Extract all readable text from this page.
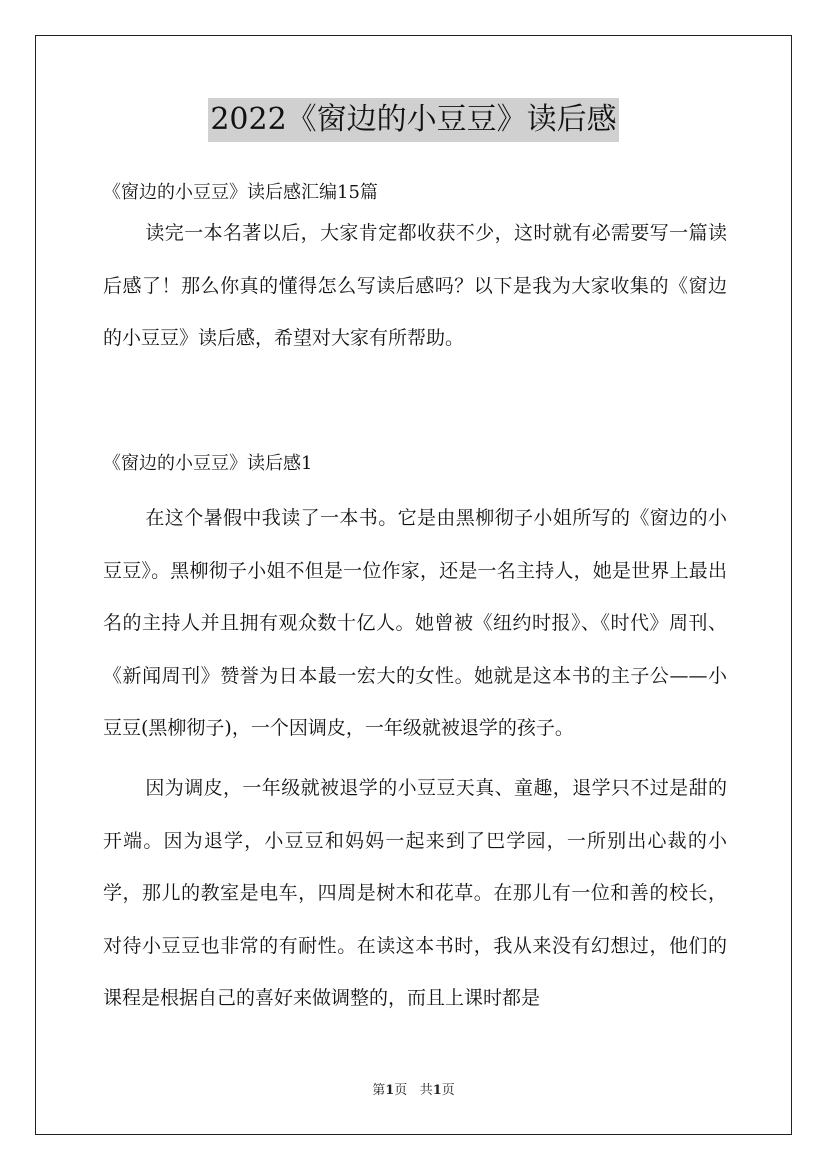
2022《窗边的小豆豆》读后感
《窗边的小豆豆》读后感汇编15篇
读完一本名著以后，大家肯定都收获不少，这时就有必需要写一篇读后感了！那么你真的懂得怎么写读后感吗？以下是我为大家收集的《窗边的小豆豆》读后感，希望对大家有所帮助。
《窗边的小豆豆》读后感1
在这个暑假中我读了一本书。它是由黑柳彻子小姐所写的《窗边的小豆豆》。黑柳彻子小姐不但是一位作家，还是一名主持人，她是世界上最出名的主持人并且拥有观众数十亿人。她曾被《纽约时报》、《时代》周刊、《新闻周刊》赞誉为日本最一宏大的女性。她就是这本书的主子公——小豆豆(黑柳彻子)，一个因调皮，一年级就被退学的孩子。
因为调皮，一年级就被退学的小豆豆天真、童趣，退学只不过是甜的开端。因为退学，小豆豆和妈妈一起来到了巴学园，一所别出心裁的小学，那儿的教室是电车，四周是树木和花草。在那儿有一位和善的校长，对待小豆豆也非常的有耐性。在读这本书时，我从来没有幻想过，他们的课程是根据自己的喜好来做调整的，而且上课时都是
第1页 共1页
